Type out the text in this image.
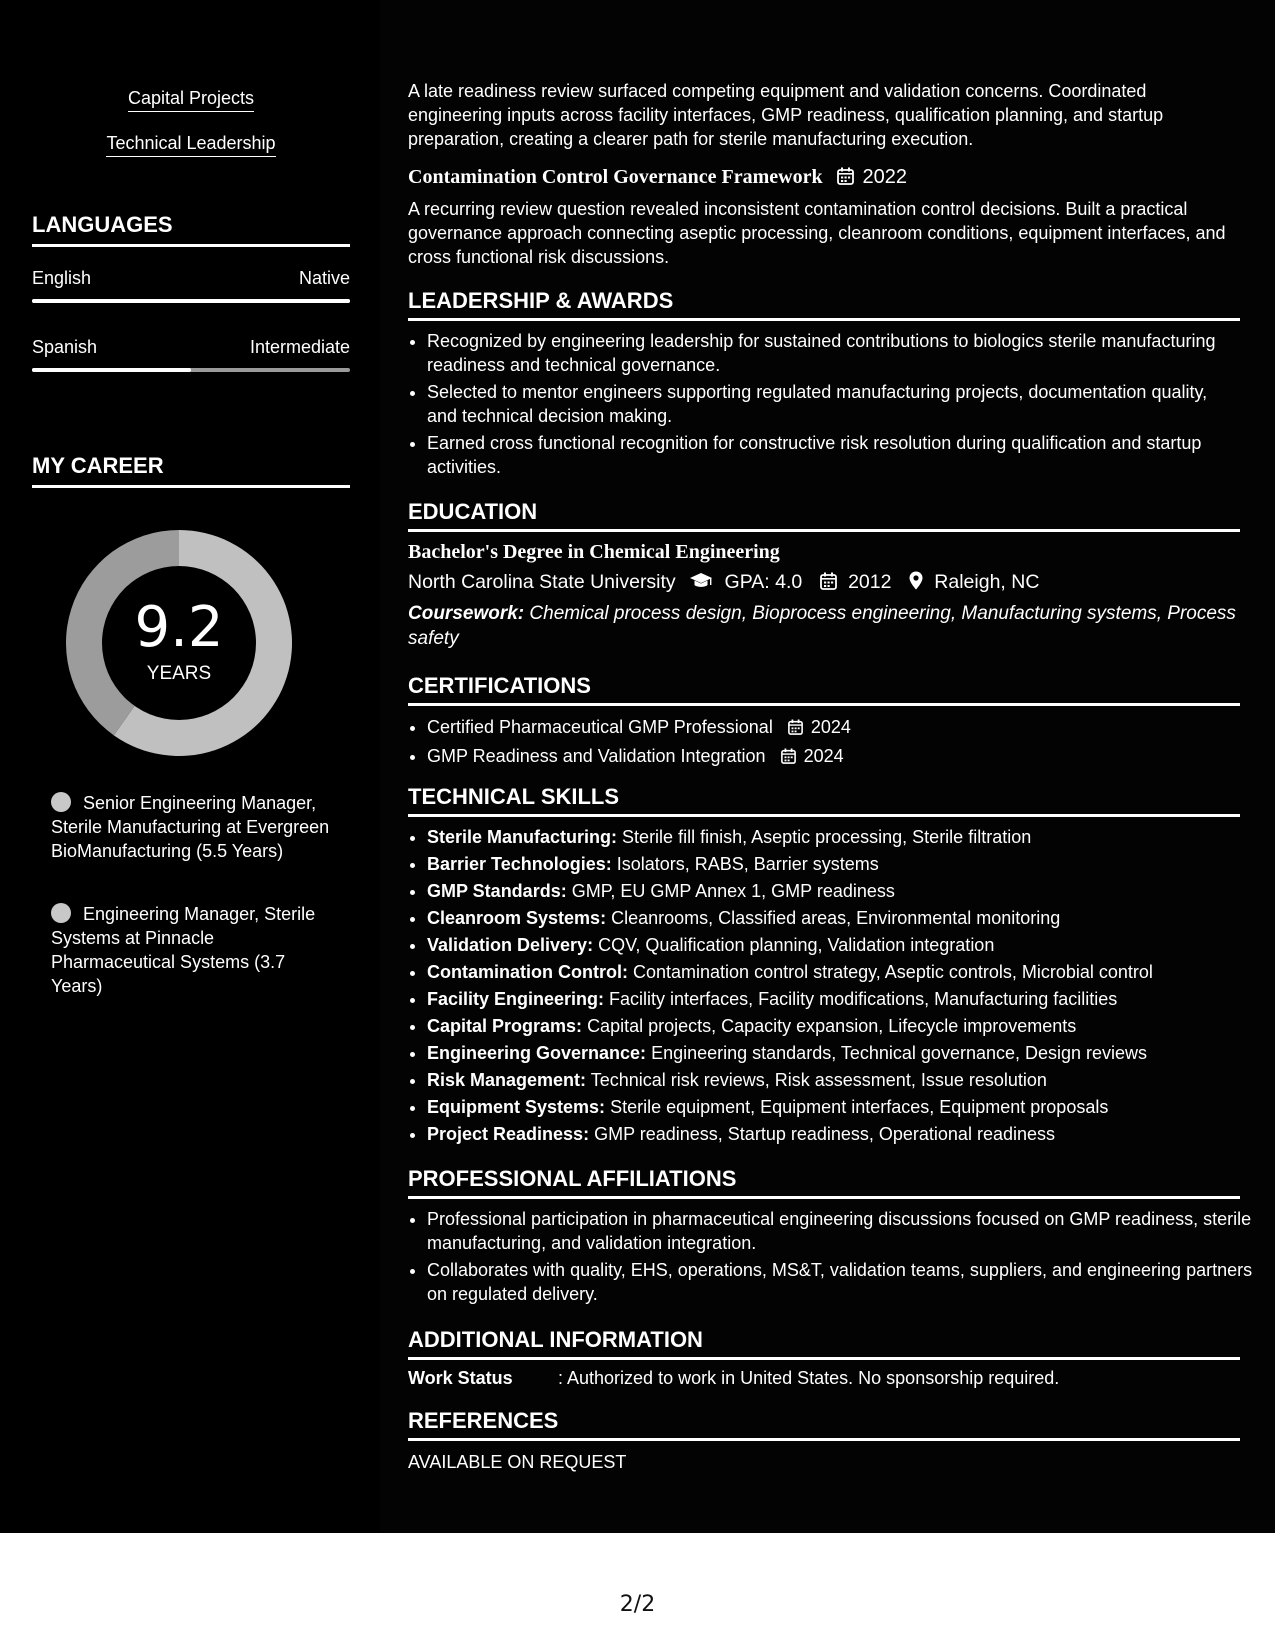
Capital Projects
Technical Leadership
LANGUAGES
English	Native
Spanish	Intermediate
MY CAREER
9.2
YEARS
Senior Engineering Manager, Sterile Manufacturing at Evergreen BioManufacturing (5.5 Years)
Engineering Manager, Sterile Systems at Pinnacle Pharmaceutical Systems (3.7 Years)
A late readiness review surfaced competing equipment and validation concerns. Coordinated engineering inputs across facility interfaces, GMP readiness, qualification planning, and startup preparation, creating a clearer path for sterile manufacturing execution.
Contamination Control Governance Framework 2022
A recurring review question revealed inconsistent contamination control decisions. Built a practical governance approach connecting aseptic processing, cleanroom conditions, equipment interfaces, and cross functional risk discussions.
LEADERSHIP & AWARDS
• Recognized by engineering leadership for sustained contributions to biologics sterile manufacturing readiness and technical governance.
• Selected to mentor engineers supporting regulated manufacturing projects, documentation quality, and technical decision making.
• Earned cross functional recognition for constructive risk resolution during qualification and startup activities.
EDUCATION
Bachelor's Degree in Chemical Engineering
North Carolina State University	GPA: 4.0 2012 Raleigh, NC
Coursework: Chemical process design, Bioprocess engineering, Manufacturing systems, Process safety
CERTIFICATIONS
• Certified Pharmaceutical GMP Professional 2024
• GMP Readiness and Validation Integration 2024
TECHNICAL SKILLS
• Sterile Manufacturing: Sterile fill finish, Aseptic processing, Sterile filtration
• Barrier Technologies: Isolators, RABS, Barrier systems
• GMP Standards: GMP, EU GMP Annex 1, GMP readiness
• Cleanroom Systems: Cleanrooms, Classified areas, Environmental monitoring
• Validation Delivery: CQV, Qualification planning, Validation integration
• Contamination Control: Contamination control strategy, Aseptic controls, Microbial control
• Facility Engineering: Facility interfaces, Facility modifications, Manufacturing facilities
• Capital Programs: Capital projects, Capacity expansion, Lifecycle improvements
• Engineering Governance: Engineering standards, Technical governance, Design reviews
• Risk Management: Technical risk reviews, Risk assessment, Issue resolution
• Equipment Systems: Sterile equipment, Equipment interfaces, Equipment proposals
• Project Readiness: GMP readiness, Startup readiness, Operational readiness
PROFESSIONAL AFFILIATIONS
• Professional participation in pharmaceutical engineering discussions focused on GMP readiness, sterile manufacturing, and validation integration.
• Collaborates with quality, EHS, operations, MS&T, validation teams, suppliers, and engineering partners on regulated delivery.
ADDITIONAL INFORMATION
Work Status	: Authorized to work in United States. No sponsorship required.
REFERENCES
AVAILABLE ON REQUEST
2/2
